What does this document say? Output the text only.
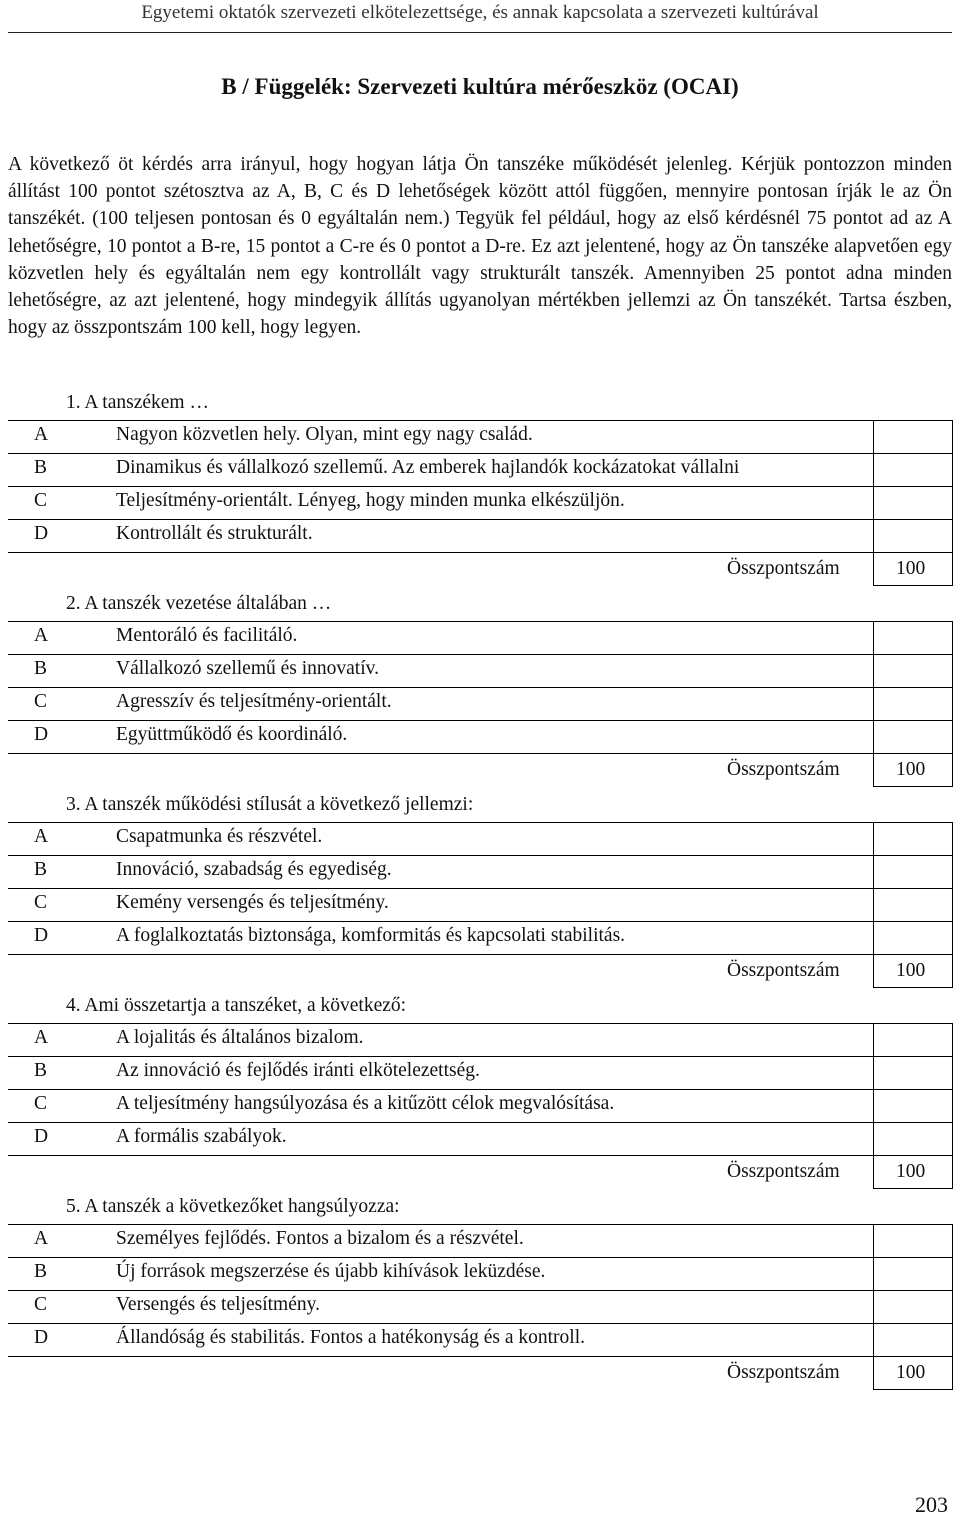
Egyetemi oktatók szervezeti elkötelezettsége, és annak kapcsolata a szervezeti kultúrával
B / Függelék: Szervezeti kultúra mérőeszköz (OCAI)
A következő öt kérdés arra irányul, hogy hogyan látja Ön tanszéke működését jelenleg. Kérjük pontozzon minden állítást 100 pontot szétosztva az A, B, C és D lehetőségek között attól függően, mennyire pontosan írják le az Ön tanszékét. (100 teljesen pontosan és 0 egyáltalán nem.) Tegyük fel például, hogy az első kérdésnél 75 pontot ad az A lehetőségre, 10 pontot a B-re, 15 pontot a C-re és 0 pontot a D-re. Ez azt jelentené, hogy az Ön tanszéke alapvetően egy közvetlen hely és egyáltalán nem egy kontrollált vagy strukturált tanszék. Amennyiben 25 pontot adna minden lehetőségre, az azt jelentené, hogy mindegyik állítás ugyanolyan mértékben jellemzi az Ön tanszékét. Tartsa észben, hogy az összpontszám 100 kell, hogy legyen.
1. A tanszékem …
A	Nagyon közvetlen hely. Olyan, mint egy nagy család.
B	Dinamikus és vállalkozó szellemű. Az emberek hajlandók kockázatokat vállalni
C	Teljesítmény-orientált. Lényeg, hogy minden munka elkészüljön.
D	Kontrollált és strukturált.
Összpontszám	100
2. A tanszék vezetése általában …
A	Mentoráló és facilitáló.
B	Vállalkozó szellemű és innovatív.
C	Agresszív és teljesítmény-orientált.
D	Együttműködő és koordináló.
Összpontszám	100
3. A tanszék működési stílusát a következő jellemzi:
A	Csapatmunka és részvétel.
B	Innováció, szabadság és egyediség.
C	Kemény versengés és teljesítmény.
D	A foglalkoztatás biztonsága, komformitás és kapcsolati stabilitás.
Összpontszám	100
4. Ami összetartja a tanszéket, a következő:
A	A lojalitás és általános bizalom.
B	Az innováció és fejlődés iránti elkötelezettség.
C	A teljesítmény hangsúlyozása és a kitűzött célok megvalósítása.
D	A formális szabályok.
Összpontszám	100
5. A tanszék a következőket hangsúlyozza:
A	Személyes fejlődés. Fontos a bizalom és a részvétel.
B	Új források megszerzése és újabb kihívások leküzdése.
C	Versengés és teljesítmény.
D	Állandóság és stabilitás. Fontos a hatékonyság és a kontroll.
Összpontszám	100
203
